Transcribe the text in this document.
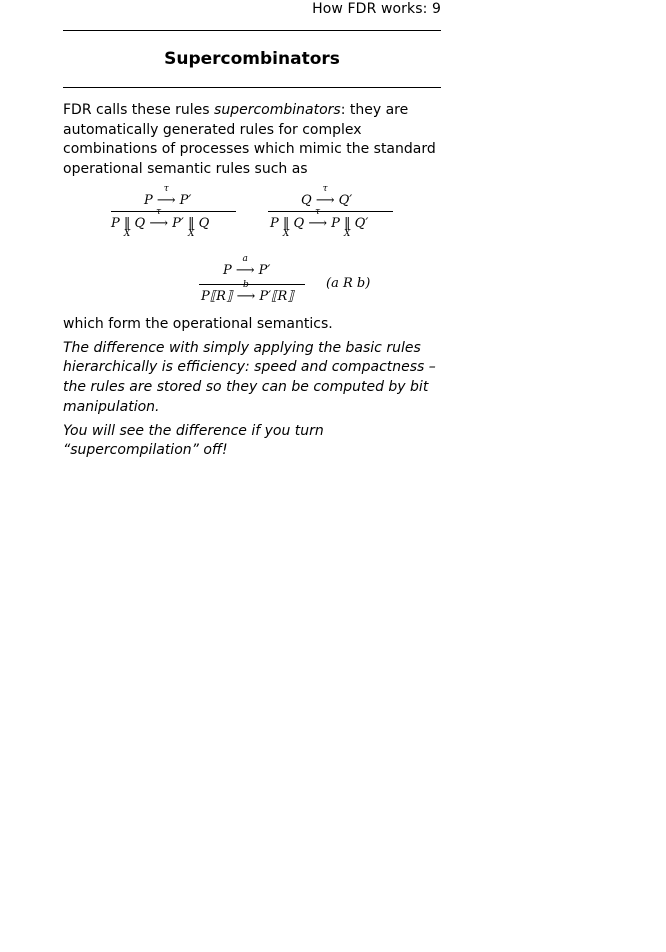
How FDR works: 9
Supercombinators

FDR calls these rules supercombinators: they are automatically generated rules for complex combinations of processes which mimic the standard operational semantic rules such as

P
τ
⟶ P′
P ‖
X
Q
τ
⟶ P′ ‖
X
Q
Q
τ
⟶ Q′
P ‖
X
Q
τ
⟶ P ‖
X
Q′
P
a
⟶ P′
P⟦R⟧
b
⟶ P′⟦R⟧
(a R b)

which form the operational semantics.

The difference with simply applying the basic rules hierarchically is efficiency: speed and compactness – the rules are stored so they can be computed by bit manipulation.

You will see the difference if you turn “supercompilation” off!
